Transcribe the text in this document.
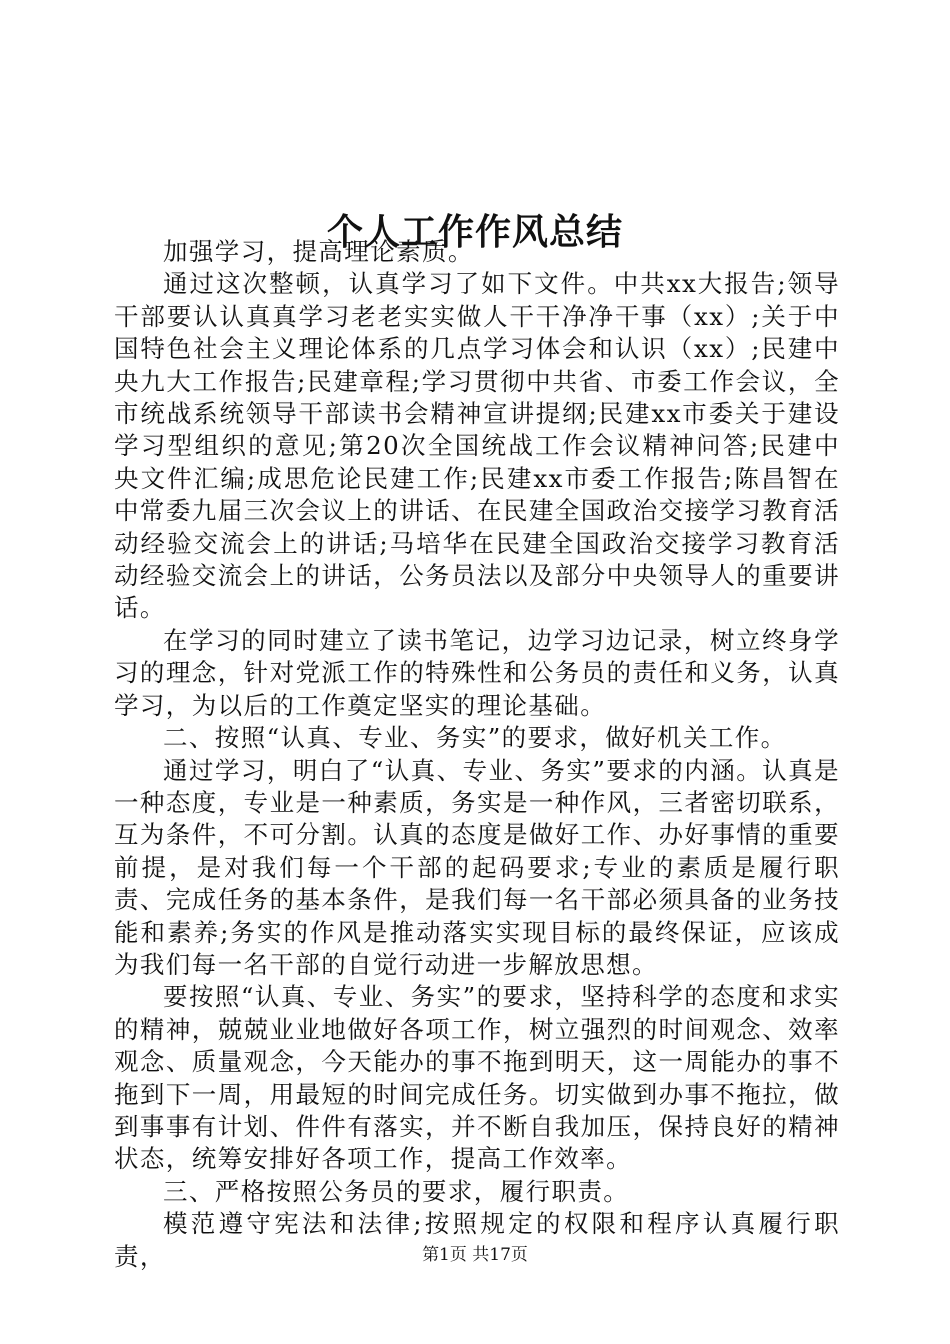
个人工作作风总结

加强学习，提高理论素质。

通过这次整顿，认真学习了如下文件。中共xx大报告;领导干部要认认真真学习老老实实做人干干净净干事（xx）;关于中国特色社会主义理论体系的几点学习体会和认识（xx）;民建中央九大工作报告;民建章程;学习贯彻中共省、市委工作会议，全市统战系统领导干部读书会精神宣讲提纲;民建xx市委关于建设学习型组织的意见;第20次全国统战工作会议精神问答;民建中央文件汇编;成思危论民建工作;民建xx市委工作报告;陈昌智在中常委九届三次会议上的讲话、在民建全国政治交接学习教育活动经验交流会上的讲话;马培华在民建全国政治交接学习教育活动经验交流会上的讲话，公务员法以及部分中央领导人的重要讲话。

在学习的同时建立了读书笔记，边学习边记录，树立终身学习的理念，针对党派工作的特殊性和公务员的责任和义务，认真学习，为以后的工作奠定坚实的理论基础。

二、按照“认真、专业、务实”的要求，做好机关工作。

通过学习，明白了“认真、专业、务实”要求的内涵。认真是一种态度，专业是一种素质，务实是一种作风，三者密切联系，互为条件，不可分割。认真的态度是做好工作、办好事情的重要前提，是对我们每一个干部的起码要求;专业的素质是履行职责、完成任务的基本条件，是我们每一名干部必须具备的业务技能和素养;务实的作风是推动落实实现目标的最终保证，应该成为我们每一名干部的自觉行动进一步解放思想。

要按照“认真、专业、务实”的要求，坚持科学的态度和求实的精神，兢兢业业地做好各项工作，树立强烈的时间观念、效率观念、质量观念，今天能办的事不拖到明天，这一周能办的事不拖到下一周，用最短的时间完成任务。切实做到办事不拖拉，做到事事有计划、件件有落实，并不断自我加压，保持良好的精神状态，统筹安排好各项工作，提高工作效率。

三、严格按照公务员的要求，履行职责。

模范遵守宪法和法律;按照规定的权限和程序认真履行职责，	第1页 共17页
